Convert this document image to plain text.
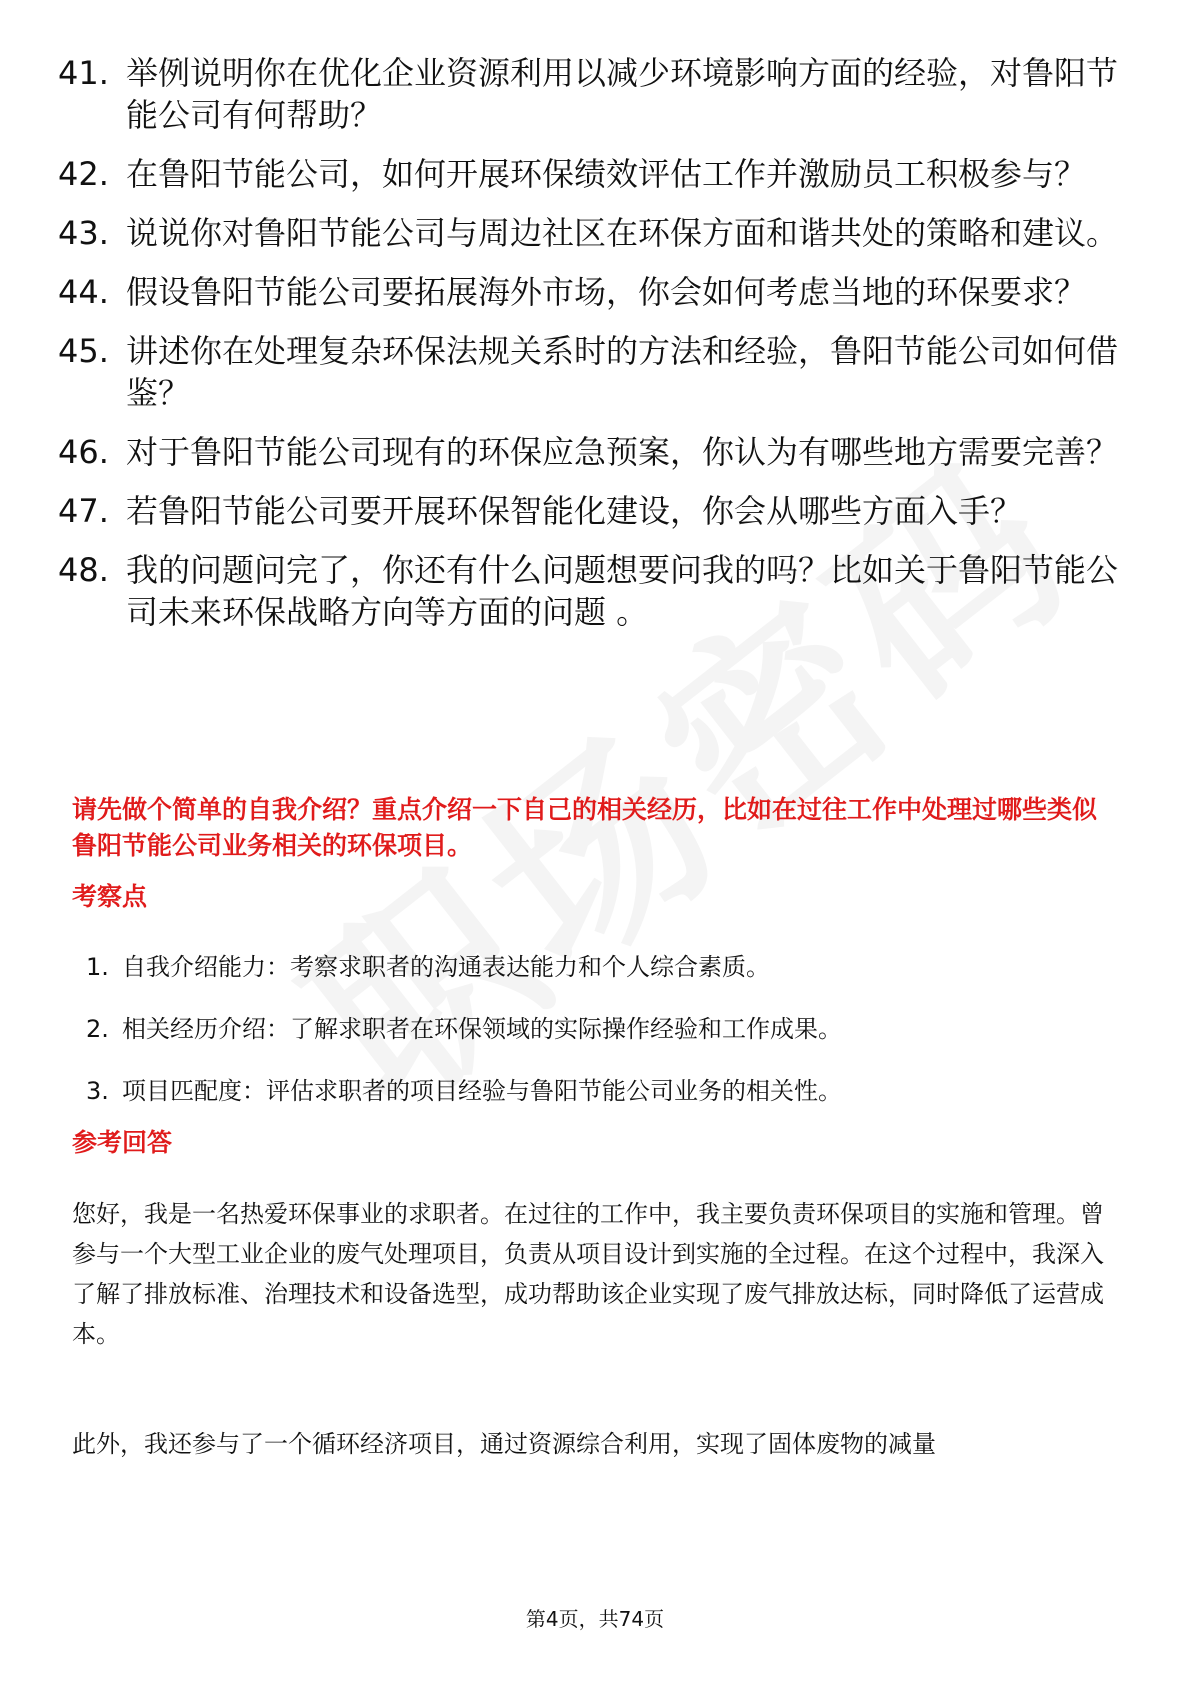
41. 举例说明你在优化企业资源利用以减少环境影响方面的经验，对鲁阳节能公司有何帮助？
42. 在鲁阳节能公司，如何开展环保绩效评估工作并激励员工积极参与？
43. 说说你对鲁阳节能公司与周边社区在环保方面和谐共处的策略和建议。
44. 假设鲁阳节能公司要拓展海外市场，你会如何考虑当地的环保要求？
45. 讲述你在处理复杂环保法规关系时的方法和经验，鲁阳节能公司如何借鉴？
46. 对于鲁阳节能公司现有的环保应急预案，你认为有哪些地方需要完善？
47. 若鲁阳节能公司要开展环保智能化建设，你会从哪些方面入手？
48. 我的问题问完了，你还有什么问题想要问我的吗？比如关于鲁阳节能公司未来环保战略方向等方面的问题 。
请先做个简单的自我介绍？重点介绍一下自己的相关经历，比如在过往工作中处理过哪些类似鲁阳节能公司业务相关的环保项目。
考察点
1. 自我介绍能力：考察求职者的沟通表达能力和个人综合素质。
2. 相关经历介绍：了解求职者在环保领域的实际操作经验和工作成果。
3. 项目匹配度：评估求职者的项目经验与鲁阳节能公司业务的相关性。
参考回答

您好，我是一名热爱环保事业的求职者。在过往的工作中，我主要负责环保项目的实施和管理。曾参与一个大型工业企业的废气处理项目，负责从项目设计到实施的全过程。在这个过程中，我深入了解了排放标准、治理技术和设备选型，成功帮助该企业实现了废气排放达标，同时降低了运营成本。

此外，我还参与了一个循环经济项目，通过资源综合利用，实现了固体废物的减量

第4页，共74页
